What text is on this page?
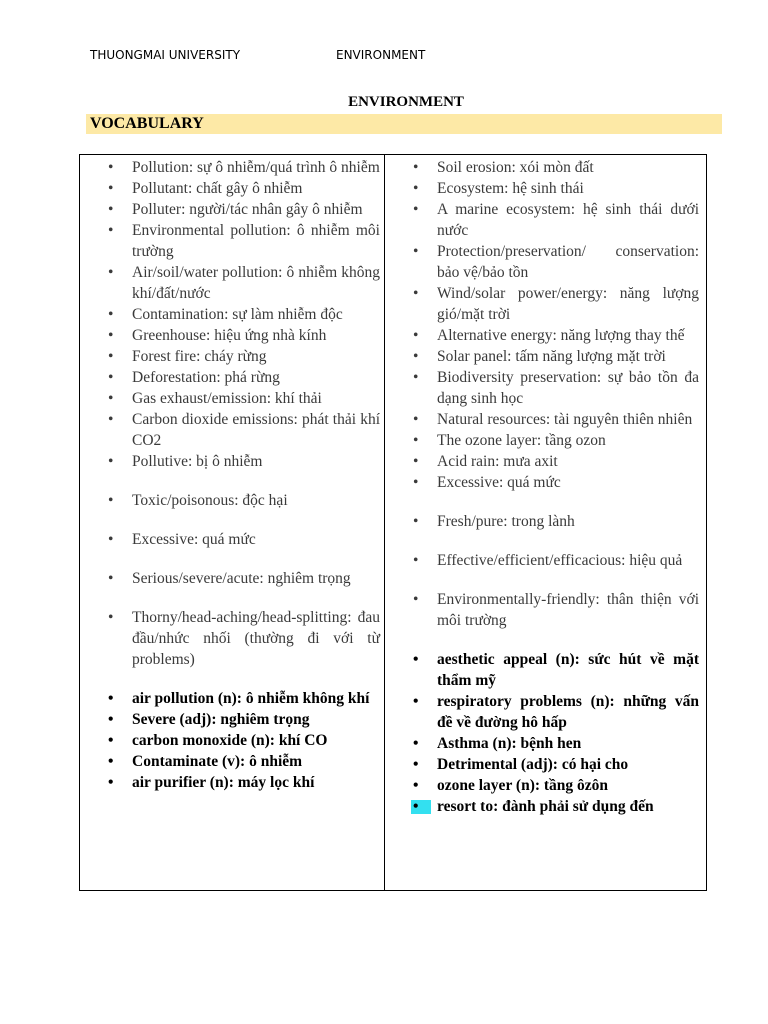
THUONGMAI UNIVERSITY	ENVIRONMENT
ENVIRONMENT
VOCABULARY
• Pollution: sự ô nhiễm/quá trình ô nhiễm
• Pollutant: chất gây ô nhiễm
• Polluter: người/tác nhân gây ô nhiễm
• Environmental pollution: ô nhiễm môi trường
• Air/soil/water pollution: ô nhiễm không khí/đất/nước
• Contamination: sự làm nhiễm độc
• Greenhouse: hiệu ứng nhà kính
• Forest fire: cháy rừng
• Deforestation: phá rừng
• Gas exhaust/emission: khí thải
• Carbon dioxide emissions: phát thải khí CO2
• Pollutive: bị ô nhiễm
• Toxic/poisonous: độc hại
• Excessive: quá mức
• Serious/severe/acute: nghiêm trọng
• Thorny/head-aching/head-splitting: đau đầu/nhức nhối (thường đi với từ problems)
• air pollution (n): ô nhiễm không khí
• Severe (adj): nghiêm trọng
• carbon monoxide (n): khí CO
• Contaminate (v): ô nhiễm
• air purifier (n): máy lọc khí
• Soil erosion: xói mòn đất
• Ecosystem: hệ sinh thái
• A marine ecosystem: hệ sinh thái dưới nước
• Protection/preservation/ conservation: bảo vệ/bảo tồn
• Wind/solar power/energy: năng lượng gió/mặt trời
• Alternative energy: năng lượng thay thế
• Solar panel: tấm năng lượng mặt trời
• Biodiversity preservation: sự bảo tồn đa dạng sinh học
• Natural resources: tài nguyên thiên nhiên
• The ozone layer: tầng ozon
• Acid rain: mưa axit
• Excessive: quá mức
• Fresh/pure: trong lành
• Effective/efficient/efficacious: hiệu quả
• Environmentally-friendly: thân thiện với môi trường
• aesthetic appeal (n): sức hút về mặt thẩm mỹ
• respiratory problems (n): những vấn đề về đường hô hấp
• Asthma (n): bệnh hen
• Detrimental (adj): có hại cho
• ozone layer (n): tầng ôzôn
• resort to: đành phải sử dụng đến
